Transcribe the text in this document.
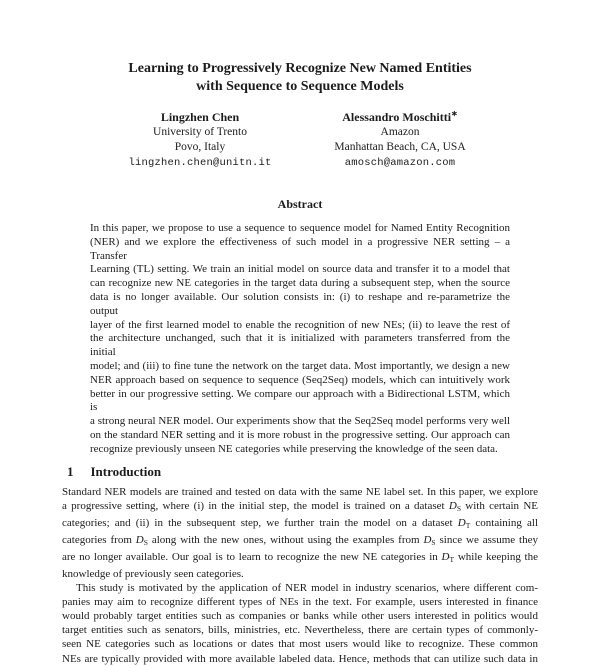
Learning to Progressively Recognize New Named Entities
with Sequence to Sequence Models
Lingzhen Chen
University of Trento
Povo, Italy
lingzhen.chen@unitn.it
Alessandro Moschitti∗
Amazon
Manhattan Beach, CA, USA
amosch@amazon.com
Abstract
In this paper, we propose to use a sequence to sequence model for Named Entity Recognition
(NER) and we explore the effectiveness of such model in a progressive NER setting – a Transfer
Learning (TL) setting. We train an initial model on source data and transfer it to a model that
can recognize new NE categories in the target data during a subsequent step, when the source
data is no longer available. Our solution consists in: (i) to reshape and re-parametrize the output
layer of the first learned model to enable the recognition of new NEs; (ii) to leave the rest of
the architecture unchanged, such that it is initialized with parameters transferred from the initial
model; and (iii) to fine tune the network on the target data. Most importantly, we design a new
NER approach based on sequence to sequence (Seq2Seq) models, which can intuitively work
better in our progressive setting. We compare our approach with a Bidirectional LSTM, which is
a strong neural NER model. Our experiments show that the Seq2Seq model performs very well
on the standard NER setting and it is more robust in the progressive setting. Our approach can
recognize previously unseen NE categories while preserving the knowledge of the seen data.
1 Introduction
Standard NER models are trained and tested on data with the same NE label set. In this paper, we explore
a progressive setting, where (i) in the initial step, the model is trained on a dataset DS with certain NE
categories; and (ii) in the subsequent step, we further train the model on a dataset DT containing all
categories from DS along with the new ones, without using the examples from DS since we assume they
are no longer available. Our goal is to learn to recognize the new NE categories in DT while keeping the
knowledge of previously seen categories.
This study is motivated by the application of NER model in industry scenarios, where different com-
panies may aim to recognize different types of NEs in the text. For example, users interested in finance
would probably target entities such as companies or banks while other users interested in politics would
target entities such as senators, bills, ministries, etc. Nevertheless, there are certain types of commonly-
seen NE categories such as locations or dates that most users would like to recognize. These common
NEs are typically provided with more available labeled data. Hence, methods that can utilize such data in
